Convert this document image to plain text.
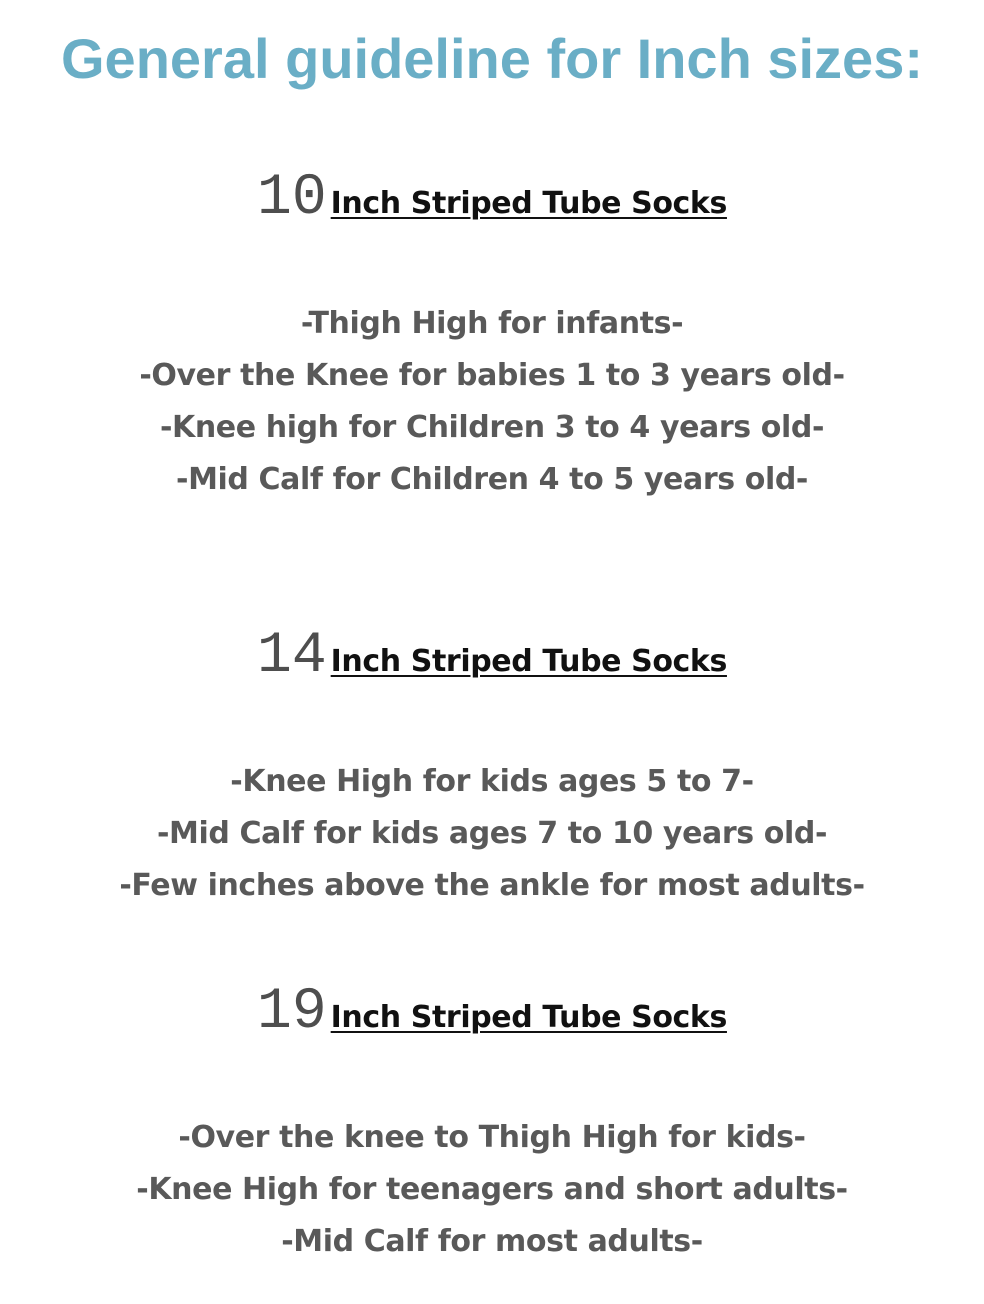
General guideline for Inch sizes:
10 Inch Striped Tube Socks
-Thigh High for infants-
-Over the Knee for babies 1 to 3 years old-
-Knee high for Children 3 to 4 years old-
-Mid Calf for Children 4 to 5 years old-
14 Inch Striped Tube Socks
-Knee High for kids ages 5 to 7-
-Mid Calf for kids ages 7 to 10 years old-
-Few inches above the ankle for most adults-
19 Inch Striped Tube Socks
-Over the knee to Thigh High for kids-
-Knee High for teenagers and short adults-
-Mid Calf for most adults-
